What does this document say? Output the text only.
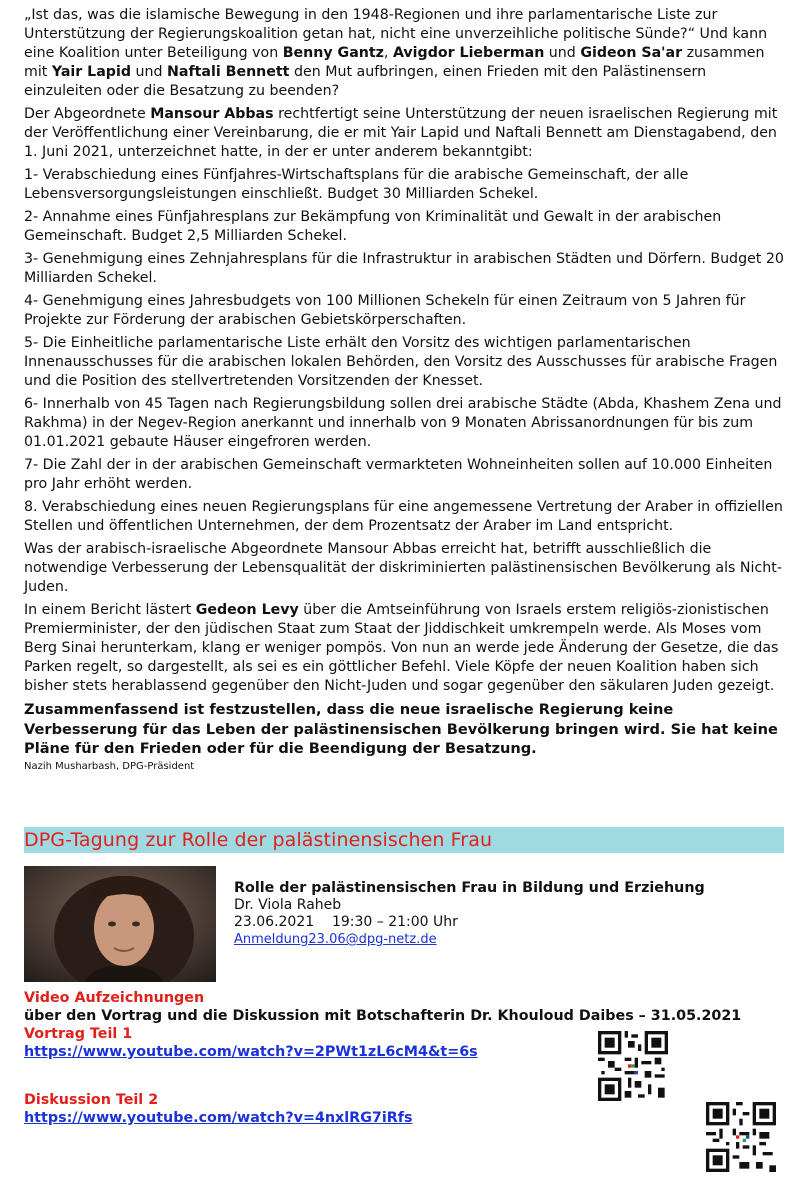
„Ist das, was die islamische Bewegung in den 1948-Regionen und ihre parlamentarische Liste zur Unterstützung der Regierungskoalition getan hat, nicht eine unverzeihliche politische Sünde?“ Und kann eine Koalition unter Beteiligung von Benny Gantz, Avigdor Lieberman und Gideon Sa'ar zusammen mit Yair Lapid und Naftali Bennett den Mut aufbringen, einen Frieden mit den Palästinensern einzuleiten oder die Besatzung zu beenden?

Der Abgeordnete Mansour Abbas rechtfertigt seine Unterstützung der neuen israelischen Regierung mit der Veröffentlichung einer Vereinbarung, die er mit Yair Lapid und Naftali Bennett am Dienstagabend, den 1. Juni 2021, unterzeichnet hatte, in der er unter anderem bekanntgibt:

1- Verabschiedung eines Fünfjahres-Wirtschaftsplans für die arabische Gemeinschaft, der alle Lebensversorgungsleistungen einschließt. Budget 30 Milliarden Schekel.

2- Annahme eines Fünfjahresplans zur Bekämpfung von Kriminalität und Gewalt in der arabischen Gemeinschaft. Budget 2,5 Milliarden Schekel.

3- Genehmigung eines Zehnjahresplans für die Infrastruktur in arabischen Städten und Dörfern. Budget 20 Milliarden Schekel.

4- Genehmigung eines Jahresbudgets von 100 Millionen Schekeln für einen Zeitraum von 5 Jahren für Projekte zur Förderung der arabischen Gebietskörperschaften.

5- Die Einheitliche parlamentarische Liste erhält den Vorsitz des wichtigen parlamentarischen Innenausschusses für die arabischen lokalen Behörden, den Vorsitz des Ausschusses für arabische Fragen und die Position des stellvertretenden Vorsitzenden der Knesset.

6- Innerhalb von 45 Tagen nach Regierungsbildung sollen drei arabische Städte (Abda, Khashem Zena und Rakhma) in der Negev-Region anerkannt und innerhalb von 9 Monaten Abrissanordnungen für bis zum 01.01.2021 gebaute Häuser eingefroren werden.

7- Die Zahl der in der arabischen Gemeinschaft vermarkteten Wohneinheiten sollen auf 10.000 Einheiten pro Jahr erhöht werden.

8. Verabschiedung eines neuen Regierungsplans für eine angemessene Vertretung der Araber in offiziellen Stellen und öffentlichen Unternehmen, der dem Prozentsatz der Araber im Land entspricht.

Was der arabisch-israelische Abgeordnete Mansour Abbas erreicht hat, betrifft ausschließlich die notwendige Verbesserung der Lebensqualität der diskriminierten palästinensischen Bevölkerung als Nicht-Juden.

In einem Bericht lästert Gedeon Levy über die Amtseinführung von Israels erstem religiös-zionistischen Premierminister, der den jüdischen Staat zum Staat der Jiddischkeit umkrempeln werde. Als Moses vom Berg Sinai herunterkam, klang er weniger pompös. Von nun an werde jede Änderung der Gesetze, die das Parken regelt, so dargestellt, als sei es ein göttlicher Befehl. Viele Köpfe der neuen Koalition haben sich bisher stets herablassend gegenüber den Nicht-Juden und sogar gegenüber den säkularen Juden gezeigt.

Zusammenfassend ist festzustellen, dass die neue israelische Regierung keine Verbesserung für das Leben der palästinensischen Bevölkerung bringen wird. Sie hat keine Pläne für den Frieden oder für die Beendigung der Besatzung.

Nazih Musharbash, DPG-Präsident
DPG-Tagung zur Rolle der palästinensischen Frau
Rolle der palästinensischen Frau in Bildung und Erziehung
Dr. Viola Raheb
23.06.2021 19:30 – 21:00 Uhr
Anmeldung23.06@dpg-netz.de
Video Aufzeichnungen
über den Vortrag und die Diskussion mit Botschafterin Dr. Khouloud Daibes – 31.05.2021
Vortrag Teil 1
https://www.youtube.com/watch?v=2PWt1zL6cM4&t=6s
Diskussion Teil 2
https://www.youtube.com/watch?v=4nxlRG7iRfs
